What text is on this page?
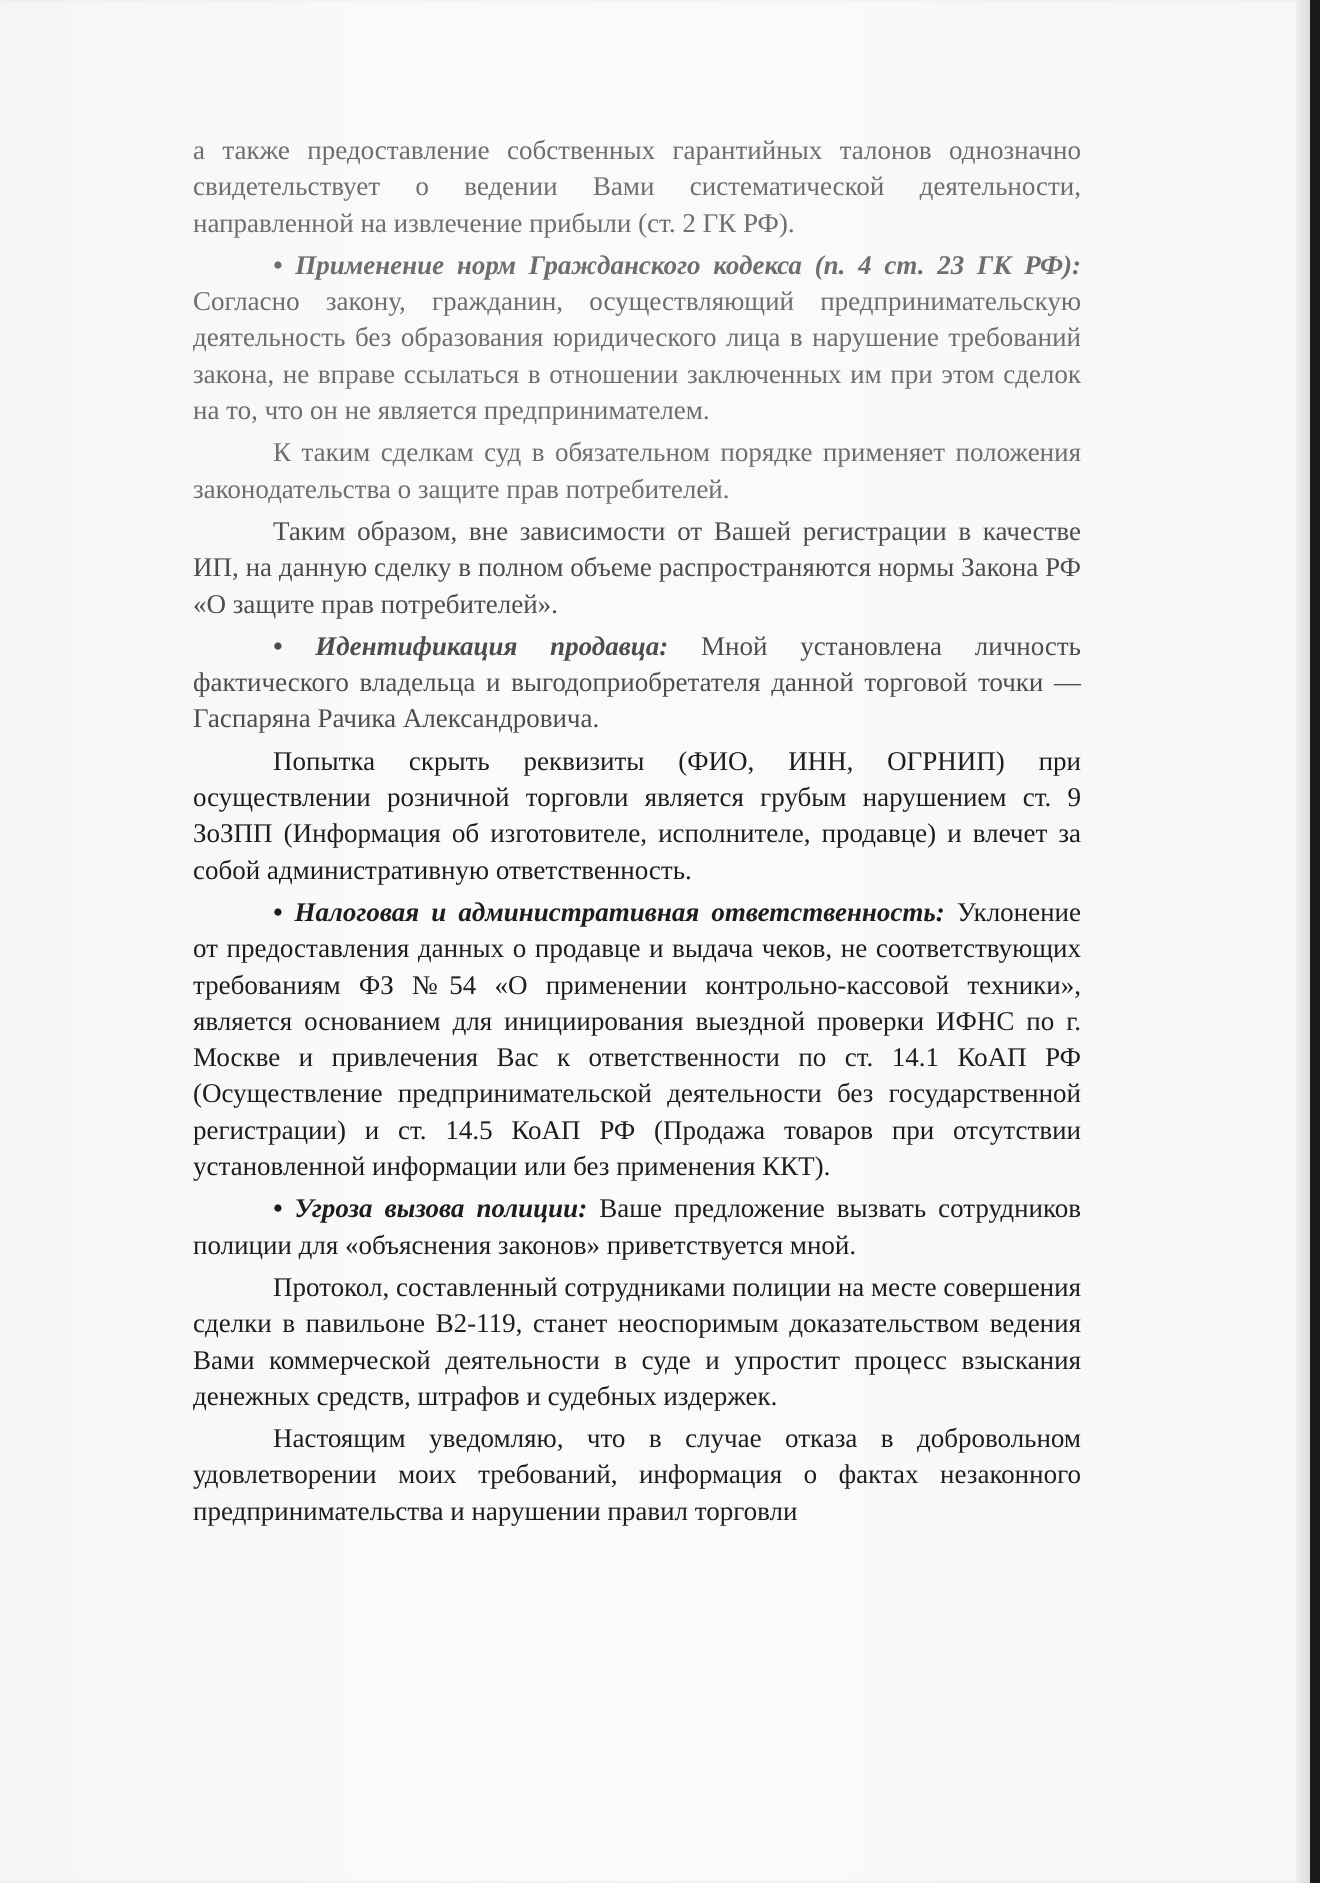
а также предоставление собственных гарантийных талонов однозначно свидетельствует о ведении Вами систематической деятельности, направленной на извлечение прибыли (ст. 2 ГК РФ).

• Применение норм Гражданского кодекса (п. 4 ст. 23 ГК РФ): Согласно закону, гражданин, осуществляющий предпринимательскую деятельность без образования юридического лица в нарушение требований закона, не вправе ссылаться в отношении заключенных им при этом сделок на то, что он не является предпринимателем.

К таким сделкам суд в обязательном порядке применяет положения законодательства о защите прав потребителей.

Таким образом, вне зависимости от Вашей регистрации в качестве ИП, на данную сделку в полном объеме распространяются нормы Закона РФ «О защите прав потребителей».

• Идентификация продавца: Мной установлена личность фактического владельца и выгодоприобретателя данной торговой точки — Гаспаряна Рачика Александровича.

Попытка скрыть реквизиты (ФИО, ИНН, ОГРНИП) при осуществлении розничной торговли является грубым нарушением ст. 9 ЗоЗПП (Информация об изготовителе, исполнителе, продавце) и влечет за собой административную ответственность.

• Налоговая и административная ответственность: Уклонение от предоставления данных о продавце и выдача чеков, не соответствующих требованиям ФЗ №54 «О применении контрольно-кассовой техники», является основанием для инициирования выездной проверки ИФНС по г. Москве и привлечения Вас к ответственности по ст. 14.1 КоАП РФ (Осуществление предпринимательской деятельности без государственной регистрации) и ст. 14.5 КоАП РФ (Продажа товаров при отсутствии установленной информации или без применения ККТ).

• Угроза вызова полиции: Ваше предложение вызвать сотрудников полиции для «объяснения законов» приветствуется мной.

Протокол, составленный сотрудниками полиции на месте совершения сделки в павильоне В2-119, станет неоспоримым доказательством ведения Вами коммерческой деятельности в суде и упростит процесс взыскания денежных средств, штрафов и судебных издержек.

Настоящим уведомляю, что в случае отказа в добровольном удовлетворении моих требований, информация о фактах незаконного предпринимательства и нарушении правил торговли
